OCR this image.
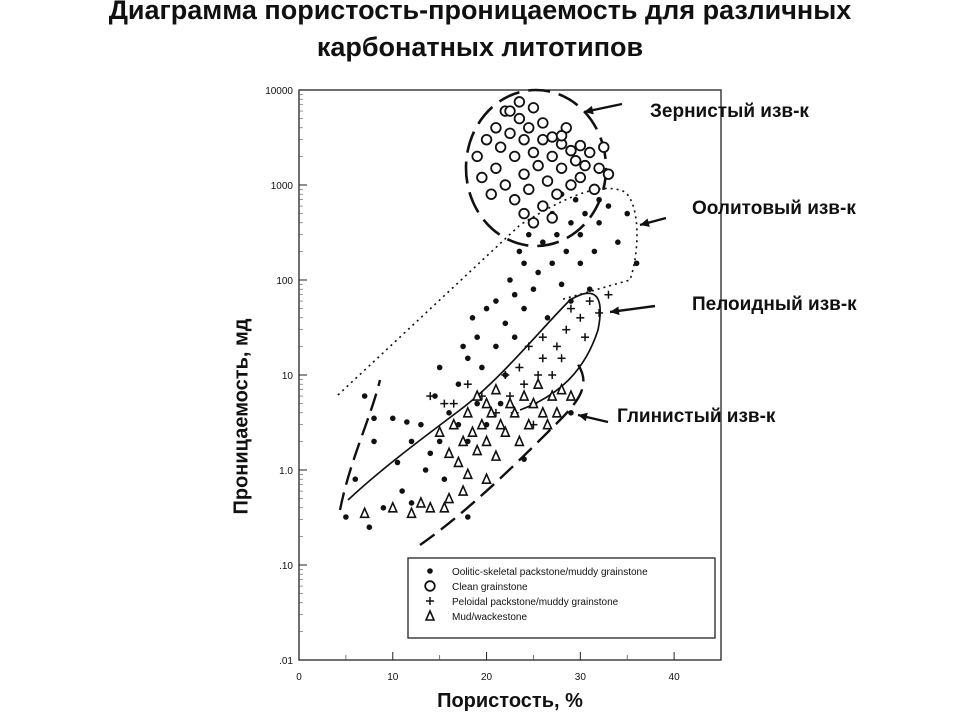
Диаграмма пористость-проницаемость для различных
карбонатных литотипов
.01
.10
1.0
10
100
1000
10000
0	10	20	30	40
Oolitic-skeletal packstone/muddy grainstone
Clean grainstone
Peloidal packstone/muddy grainstone
Mud/wackestone
Зернистый изв-к
Оолитовый изв-к
Пелоидный изв-к
Глинистый изв-к
Проницаемость, мд
Пористость, %
